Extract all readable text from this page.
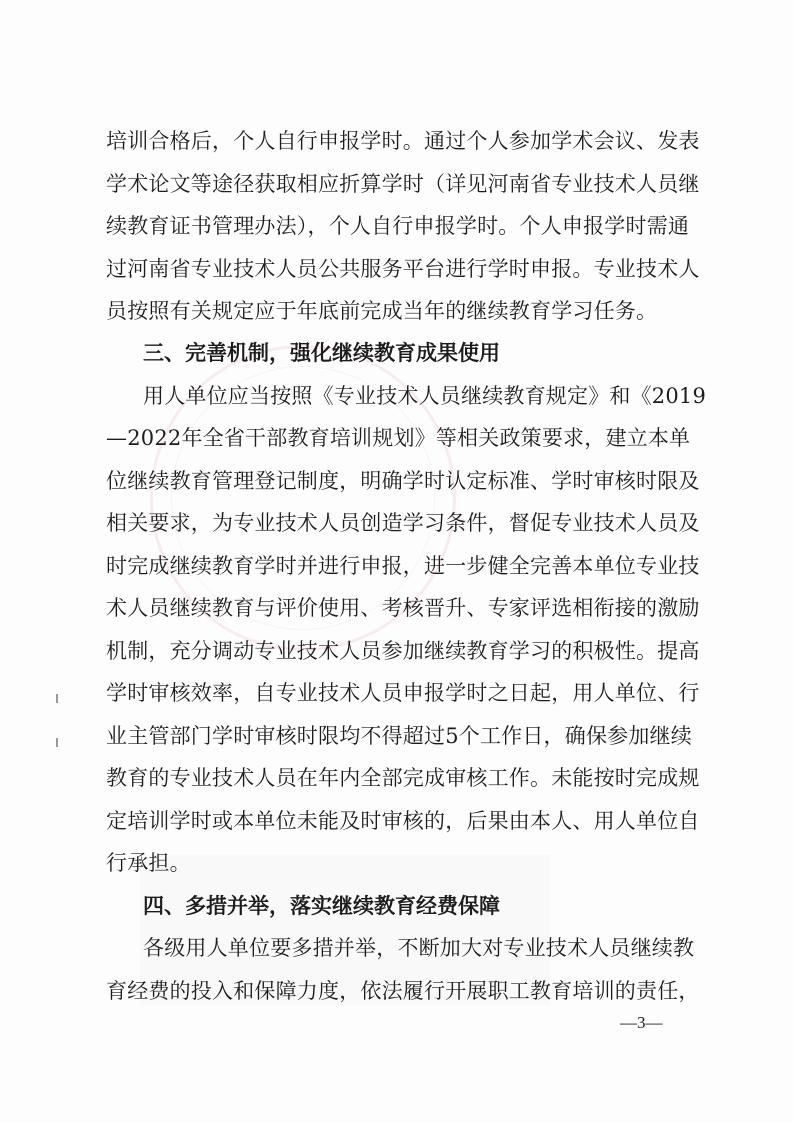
培训合格后，个人自行申报学时。通过个人参加学术会议、发表
学术论文等途径获取相应折算学时（详见河南省专业技术人员继
续教育证书管理办法），个人自行申报学时。个人申报学时需通
过河南省专业技术人员公共服务平台进行学时申报。专业技术人
员按照有关规定应于年底前完成当年的继续教育学习任务。
三、完善机制，强化继续教育成果使用
用人单位应当按照《专业技术人员继续教育规定》和《2019
—2022年全省干部教育培训规划》等相关政策要求，建立本单
位继续教育管理登记制度，明确学时认定标准、学时审核时限及
相关要求，为专业技术人员创造学习条件，督促专业技术人员及
时完成继续教育学时并进行申报，进一步健全完善本单位专业技
术人员继续教育与评价使用、考核晋升、专家评选相衔接的激励
机制，充分调动专业技术人员参加继续教育学习的积极性。提高
学时审核效率，自专业技术人员申报学时之日起，用人单位、行
业主管部门学时审核时限均不得超过5个工作日，确保参加继续
教育的专业技术人员在年内全部完成审核工作。未能按时完成规
定培训学时或本单位未能及时审核的，后果由本人、用人单位自
行承担。
四、多措并举，落实继续教育经费保障
各级用人单位要多措并举，不断加大对专业技术人员继续教
育经费的投入和保障力度，依法履行开展职工教育培训的责任，
—3—
